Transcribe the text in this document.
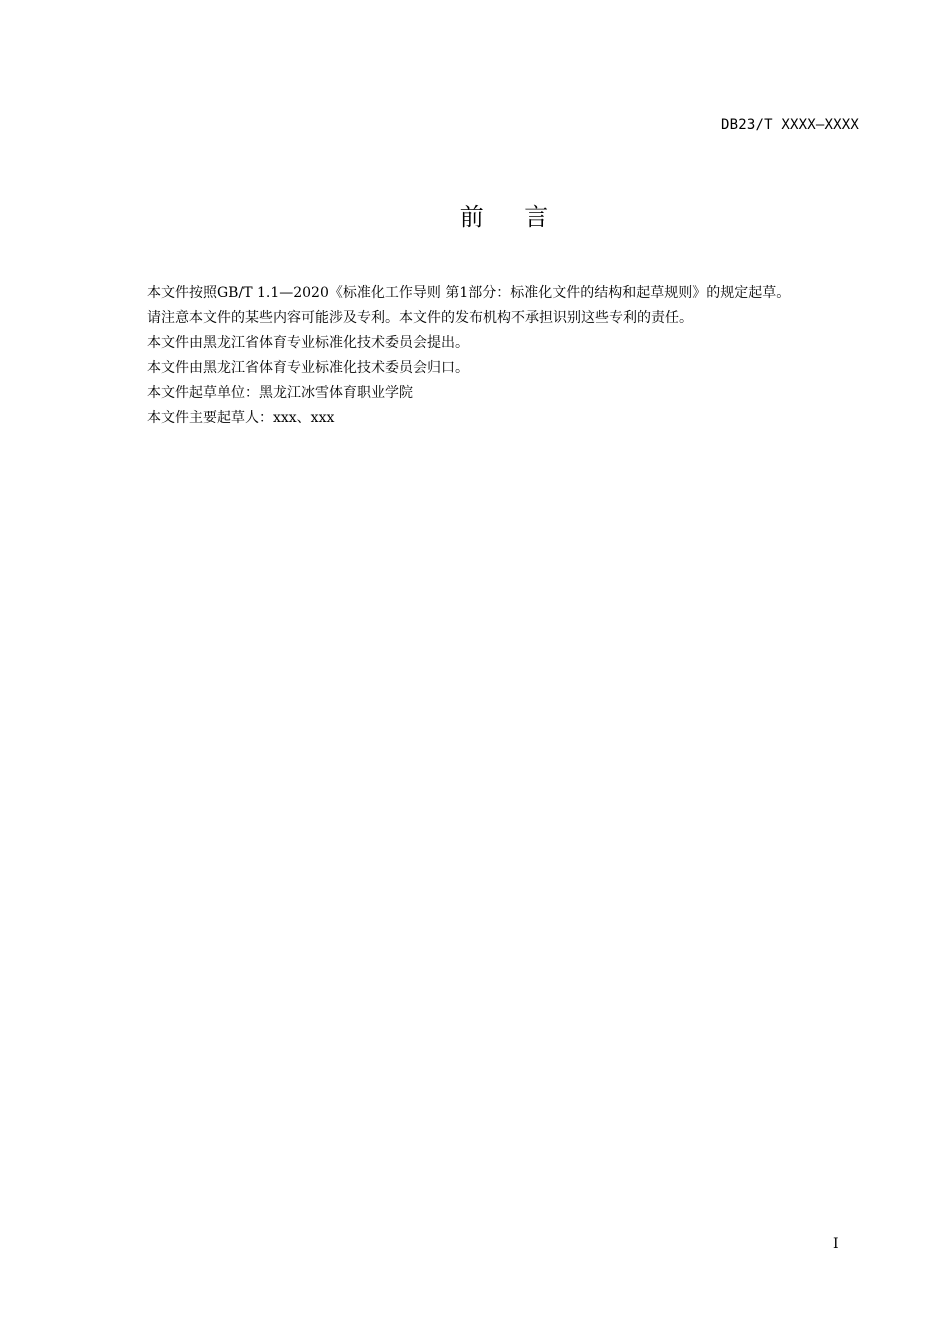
DB23/T XXXX—XXXX
前    言

本文件按照GB/T 1.1—2020《标准化工作导则 第1部分：标准化文件的结构和起草规则》的规定起草。

请注意本文件的某些内容可能涉及专利。本文件的发布机构不承担识别这些专利的责任。

本文件由黑龙江省体育专业标准化技术委员会提出。

本文件由黑龙江省体育专业标准化技术委员会归口。

本文件起草单位：黑龙江冰雪体育职业学院

本文件主要起草人：xxx、xxx

I
